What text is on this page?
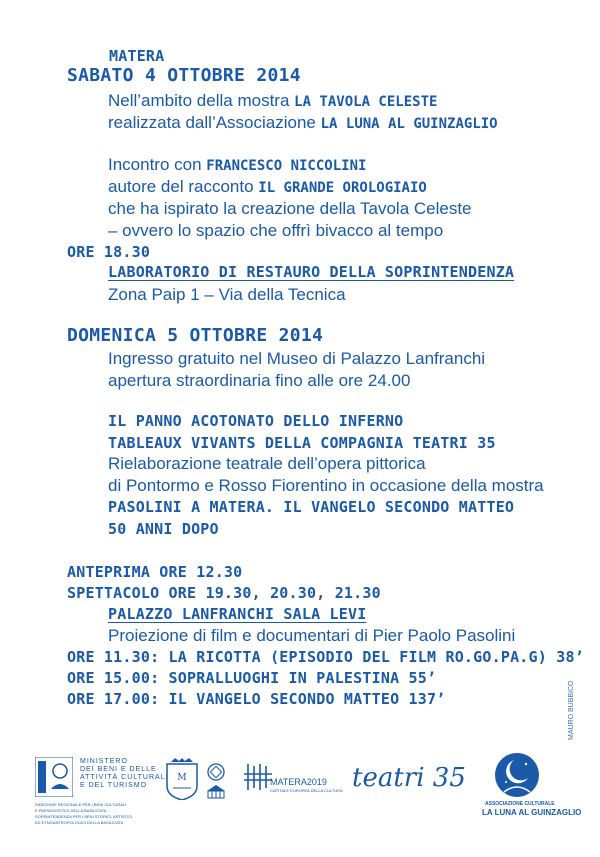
MATERA
SABATO 4 OTTOBRE 2014
Nell’ambito della mostra LA TAVOLA CELESTE
realizzata dall’Associazione LA LUNA AL GUINZAGLIO
Incontro con FRANCESCO NICCOLINI
autore del racconto IL GRANDE OROLOGIAIO
che ha ispirato la creazione della Tavola Celeste
– ovvero lo spazio che offrì bivacco al tempo
ORE 18.30
LABORATORIO DI RESTAURO DELLA SOPRINTENDENZA
Zona Paip 1 – Via della Tecnica
DOMENICA 5 OTTOBRE 2014
Ingresso gratuito nel Museo di Palazzo Lanfranchi
apertura straordinaria fino alle ore 24.00
IL PANNO ACOTONATO DELLO INFERNO
TABLEAUX VIVANTS DELLA COMPAGNIA TEATRI 35
Rielaborazione teatrale dell’opera pittorica
di Pontormo e Rosso Fiorentino in occasione della mostra
PASOLINI A MATERA. IL VANGELO SECONDO MATTEO
50 ANNI DOPO
ANTEPRIMA ORE 12.30
SPETTACOLO ORE 19.30, 20.30, 21.30
PALAZZO LANFRANCHI SALA LEVI
Proiezione di film e documentari di Pier Paolo Pasolini
ORE 11.30: LA RICOTTA (EPISODIO DEL FILM RO.GO.PA.G) 38’
ORE 15.00: SOPRALLUOGHI IN PALESTINA 55’
ORE 17.00: IL VANGELO SECONDO MATTEO 137’	MAURO BUBBICO
MINISTERO
DEI BENI E DELLE
ATTIVITÀ CULTURALI
E DEL TURISMO
DIREZIONE REGIONALE PER I BENI CULTURALI
E PAESAGGISTICI DELLA BASILICATA
SOPRINTENDENZA PER I BENI STORICI, ARTISTICI
ED ETNOANTROPOLOGICI DELLA BASILICATA
M	MATERA2019
CAPITALE EUROPEA DELLA CULTURA teatri 35
ASSOCIAZIONE CULTURALE
LA LUNA AL GUINZAGLIO
